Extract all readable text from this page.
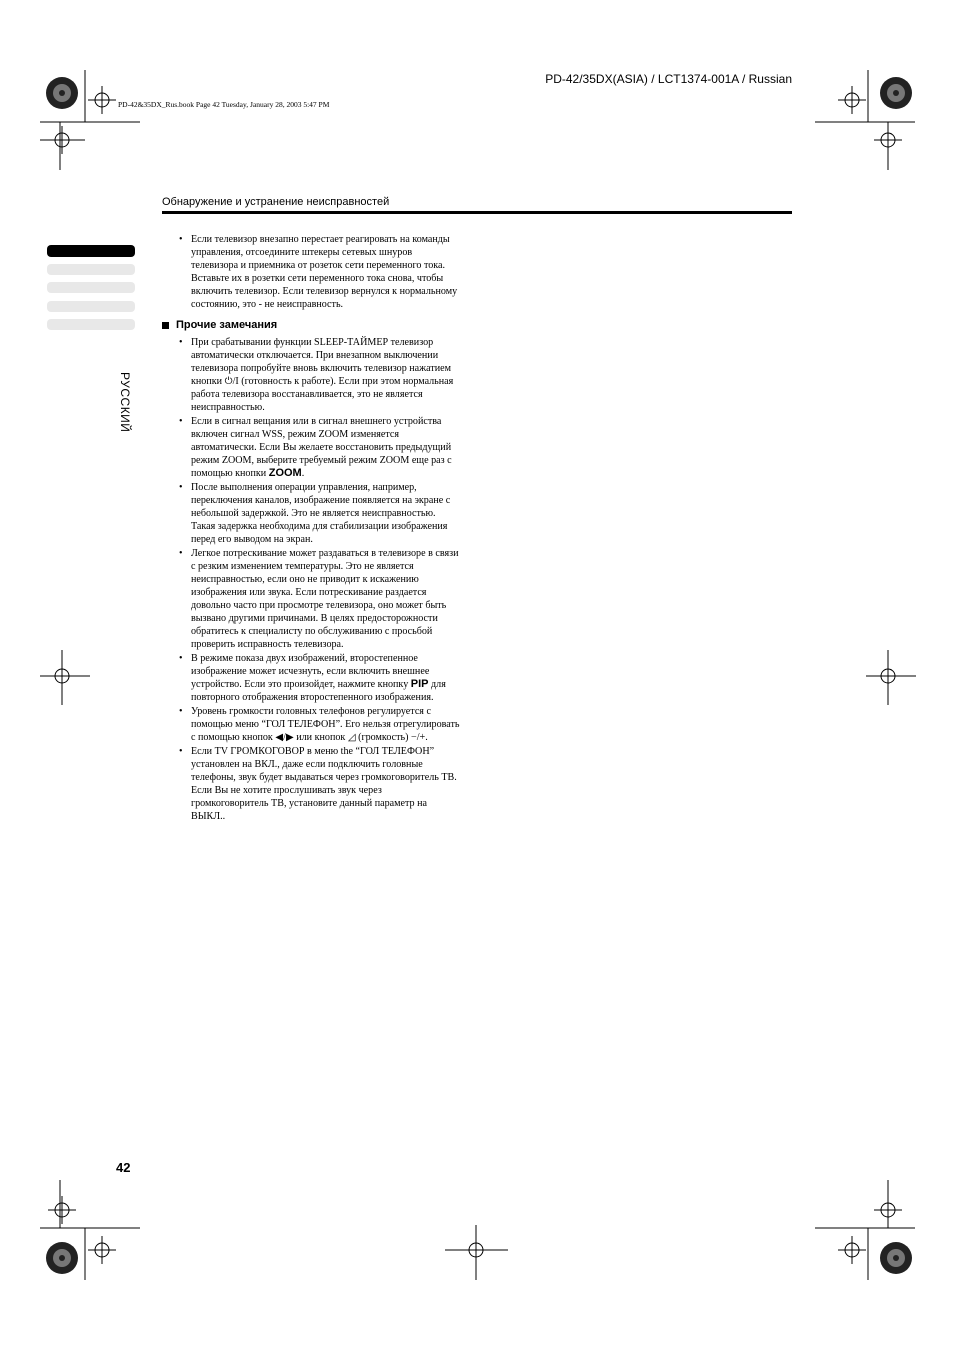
PD-42/35DX(ASIA) / LCT1374-001A / Russian
PD-42&35DX_Rus.book Page 42 Tuesday, January 28, 2003 5:47 PM
Обнаружение и устранение неисправностей
РУССКИЙ
• Если телевизор внезапно перестает реагировать на команды управления, отсоедините штекеры сетевых шнуров телевизора и приемника от розеток сети переменного тока. Вставьте их в розетки сети переменного тока снова, чтобы включить телевизор. Если телевизор вернулся к нормальному состоянию, это - не неисправность.
Прочие замечания
• При срабатывании функции SLEEP-ТАЙМЕР телевизор автоматически отключается. При внезапном выключении телевизора попробуйте вновь включить телевизор нажатием кнопки ⏻/I (готовность к работе). Если при этом нормальная работа телевизора восстанавливается, это не является неисправностью.
• Если в сигнал вещания или в сигнал внешнего устройства включен сигнал WSS, режим ZOOM изменяется автоматически. Если Вы желаете восстановить предыдущий режим ZOOM, выберите требуемый режим ZOOM еще раз с помощью кнопки ZOOM.
• После выполнения операции управления, например, переключения каналов, изображение появляется на экране с небольшой задержкой. Это не является неисправностью. Такая задержка необходима для стабилизации изображения перед его выводом на экран.
• Легкое потрескивание может раздаваться в телевизоре в связи с резким изменением температуры. Это не является неисправностью, если оно не приводит к искажению изображения или звука. Если потрескивание раздается довольно часто при просмотре телевизора, оно может быть вызвано другими причинами. В целях предосторожности обратитесь к специалисту по обслуживанию с просьбой проверить исправность телевизора.
• В режиме показа двух изображений, второстепенное изображение может исчезнуть, если включить внешнее устройство. Если это произойдет, нажмите кнопку PIP для повторного отображения второстепенного изображения.
• Уровень громкости головных телефонов регулируется с помощью меню “ГОЛ ТЕЛЕФОН”. Его нельзя отрегулировать с помощью кнопок ◀/▶ или кнопок ◿ (громкость) −/+.
• Если TV ГРОМКОГОВОР в меню the “ГОЛ ТЕЛЕФОН” установлен на ВКЛ., даже если подключить головные телефоны, звук будет выдаваться через громкоговоритель ТВ. Если Вы не хотите прослушивать звук через громкоговоритель ТВ, установите данный параметр на ВЫКЛ..
42
